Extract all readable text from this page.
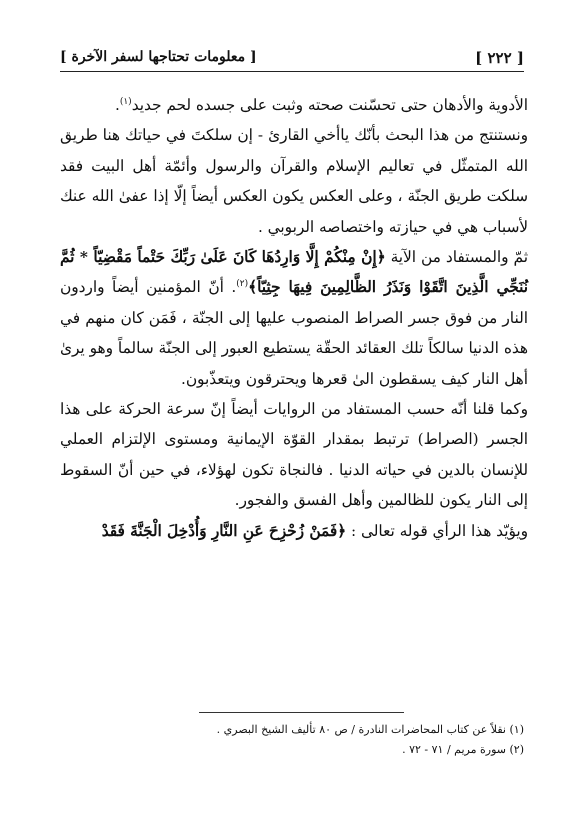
[ ٢٢٢ ]
[ معلومات تحتاجها لسفر الآخرة ]

الأدوية والأدهان حتى تحسّنت صحته وثبت على جسده لحم جديد$^{(١)}$.

ونستنتج من هذا البحث بأنّك ياأخي القارئ - إن سلكتَ في حياتك هنا طريق الله المتمثّل في تعاليم الإسلام والقرآن والرسول وأئمّة أهل البيت فقد سلكت طريق الجنّة ، وعلى العكس يكون العكس أيضاً إلّا إذا عفىٰ الله عنك لأسباب هي في حيازته واختصاصه الربوبي .

ثمّ والمستفاد من الآية ﴿إِنْ مِنْكُمْ إِلَّا وَارِدُهَا كَانَ عَلَىٰ رَبِّكَ حَتْماً مَقْضِيّاً * ثُمَّ نُنَجِّي الَّذِينَ اتَّقَوْا وَنَذَرُ الظَّالِمِينَ فِيهَا جِثِيّاً﴾$^{(٢)}$. أنّ المؤمنين أيضاً واردون النار من فوق جسر الصراط المنصوب عليها إلى الجنّة ، فَمَن كان منهم في هذه الدنيا سالكاً تلك العقائد الحقّة يستطيع العبور إلى الجنّة سالماً وهو يرىٰ أهل النار كيف يسقطون الىٰ قعرها ويحترقون ويتعذّبون.

وكما قلنا أنّه حسب المستفاد من الروايات أيضاً إنّ سرعة الحركة على هذا الجسر (الصراط) ترتبط بمقدار القوّة الإيمانية ومستوى الإلتزام العملي للإنسان بالدين في حياته الدنيا . فالنجاة تكون لهؤلاء، في حين أنّ السقوط إلى النار يكون للظالمين وأهل الفسق والفجور.

ويؤيّد هذا الرأي قوله تعالى : ﴿فَمَنْ زُحْزِحَ عَنِ النَّارِ وَأُدْخِلَ الْجَنَّةَ فَقَدْ

(١) نقلاً عن كتاب المحاضرات النادرة / ص ٨٠ تأليف الشيخ البصري .
(٢) سورة مريم / ٧١ - ٧٢ .
